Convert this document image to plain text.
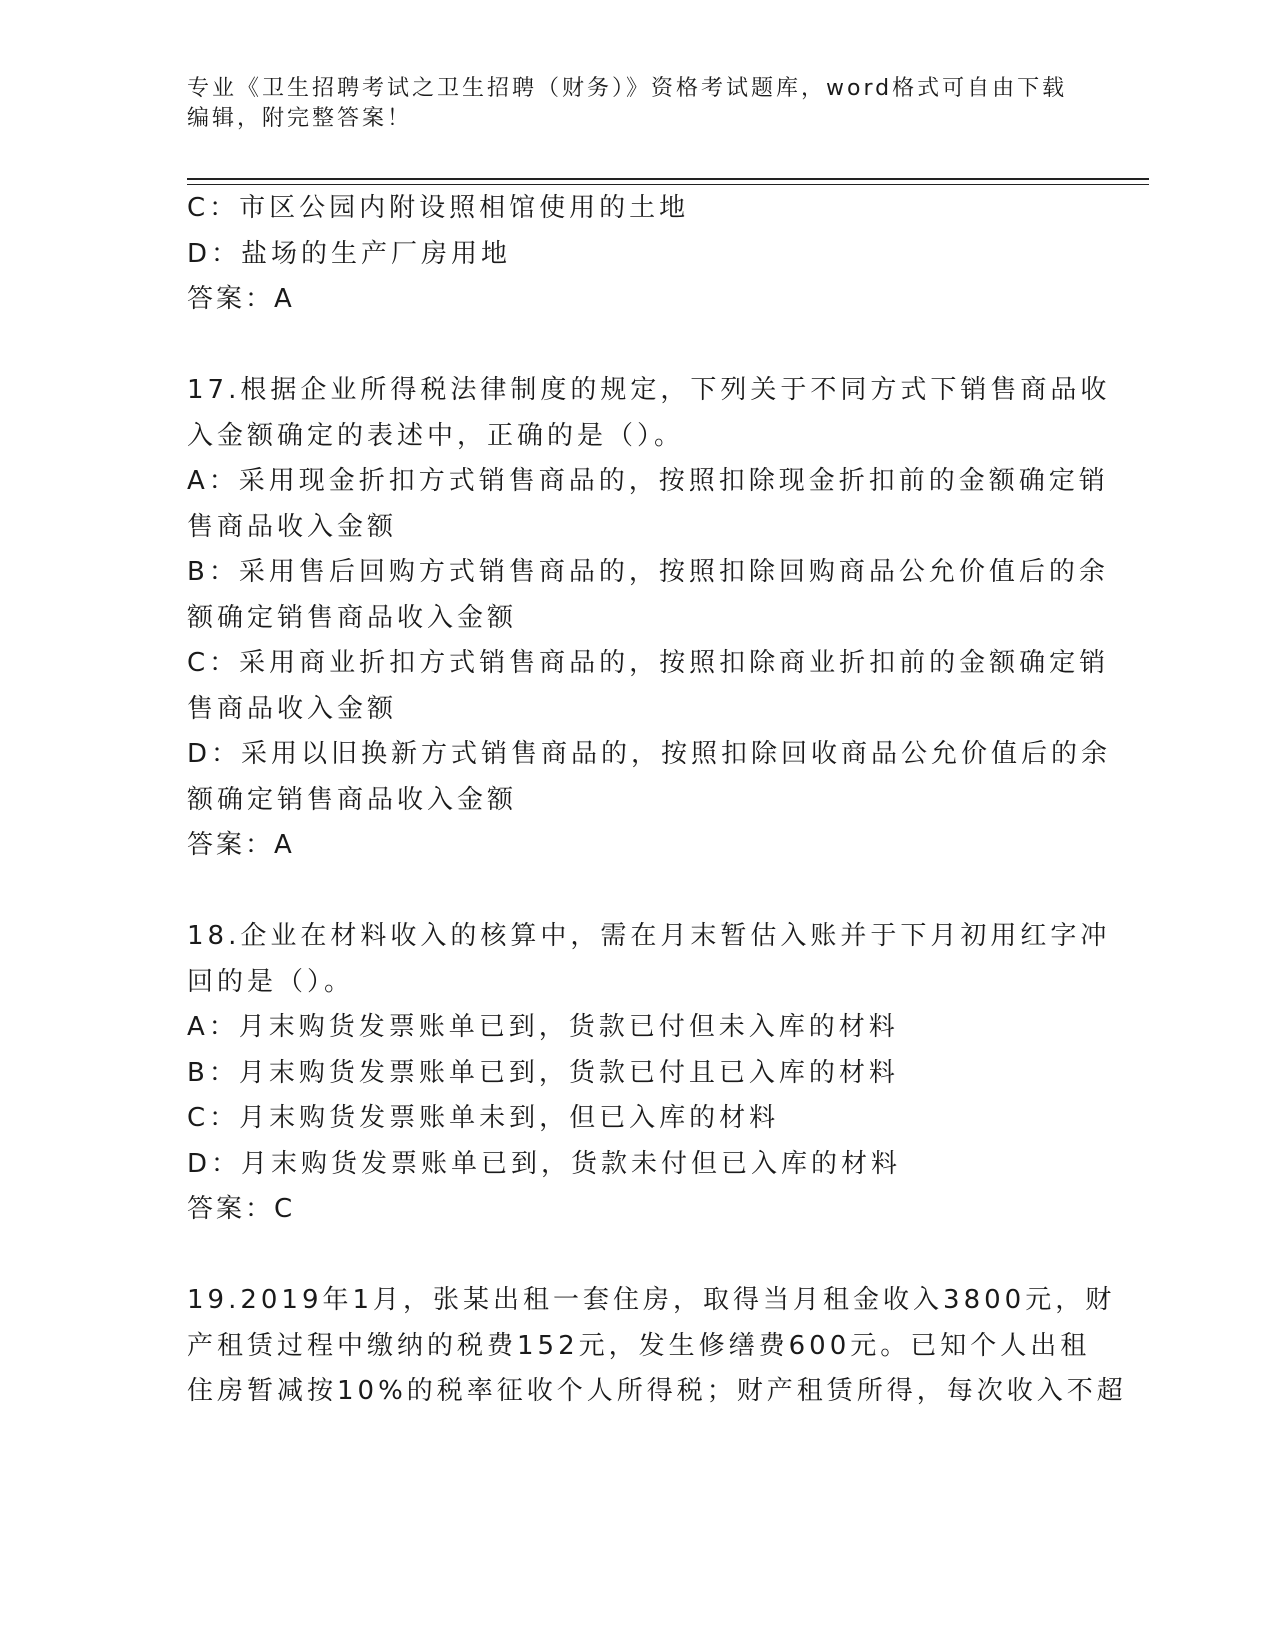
专业《卫生招聘考试之卫生招聘（财务）》资格考试题库，word格式可自由下载
编辑，附完整答案！
C：市区公园内附设照相馆使用的土地
D：盐场的生产厂房用地
答案：A
17.根据企业所得税法律制度的规定，下列关于不同方式下销售商品收
入金额确定的表述中，正确的是（）。
A：采用现金折扣方式销售商品的，按照扣除现金折扣前的金额确定销
售商品收入金额
B：采用售后回购方式销售商品的，按照扣除回购商品公允价值后的余
额确定销售商品收入金额
C：采用商业折扣方式销售商品的，按照扣除商业折扣前的金额确定销
售商品收入金额
D：采用以旧换新方式销售商品的，按照扣除回收商品公允价值后的余
额确定销售商品收入金额
答案：A
18.企业在材料收入的核算中，需在月末暂估入账并于下月初用红字冲
回的是（）。
A：月末购货发票账单已到，货款已付但未入库的材料
B：月末购货发票账单已到，货款已付且已入库的材料
C：月末购货发票账单未到，但已入库的材料
D：月末购货发票账单已到，货款未付但已入库的材料
答案：C
19.2019年1月，张某出租一套住房，取得当月租金收入3800元，财
产租赁过程中缴纳的税费152元，发生修缮费600元。已知个人出租
住房暂减按10%的税率征收个人所得税；财产租赁所得，每次收入不超
